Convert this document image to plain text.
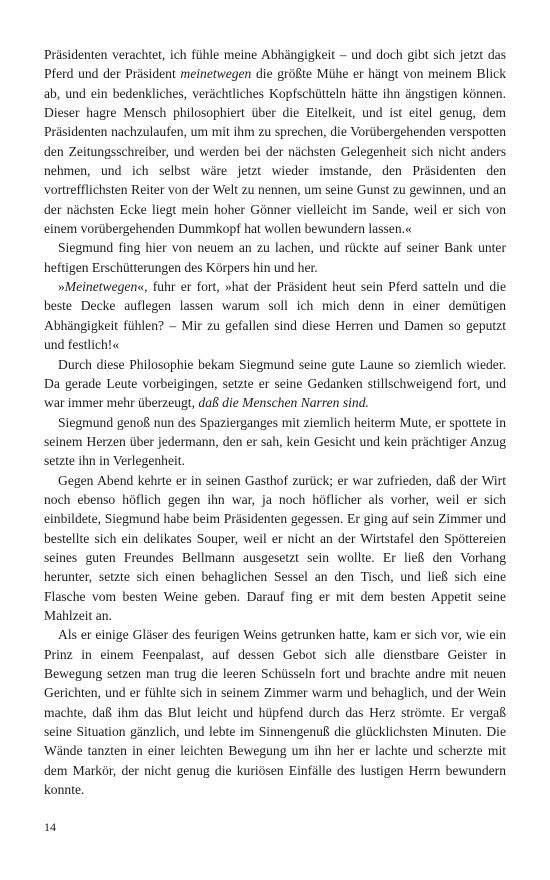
Präsidenten verachtet, ich fühle meine Abhängigkeit – und doch gibt sich jetzt das Pferd und der Präsident meinetwegen die größte Mühe er hängt von meinem Blick ab, und ein bedenkliches, verächtliches Kopfschütteln hätte ihn ängstigen können. Dieser hagre Mensch philosophiert über die Eitelkeit, und ist eitel genug, dem Präsidenten nachzulaufen, um mit ihm zu sprechen, die Vorübergehenden verspotten den Zeitungsschreiber, und werden bei der nächsten Gelegenheit sich nicht anders nehmen, und ich selbst wäre jetzt wieder imstande, den Präsidenten den vortrefflichsten Reiter von der Welt zu nennen, um seine Gunst zu gewinnen, und an der nächsten Ecke liegt mein hoher Gönner vielleicht im Sande, weil er sich von einem vorübergehenden Dummkopf hat wollen bewundern lassen.«

Siegmund fing hier von neuem an zu lachen, und rückte auf seiner Bank unter heftigen Erschütterungen des Körpers hin und her.

»Meinetwegen«, fuhr er fort, »hat der Präsident heut sein Pferd satteln und die beste Decke auflegen lassen warum soll ich mich denn in einer demütigen Abhängigkeit fühlen? – Mir zu gefallen sind diese Herren und Damen so geputzt und festlich!«

Durch diese Philosophie bekam Siegmund seine gute Laune so ziemlich wieder. Da gerade Leute vorbeigingen, setzte er seine Gedanken stillschweigend fort, und war immer mehr überzeugt, daß die Menschen Narren sind.

Siegmund genoß nun des Spazierganges mit ziemlich heiterm Mute, er spottete in seinem Herzen über jedermann, den er sah, kein Gesicht und kein prächtiger Anzug setzte ihn in Verlegenheit.

Gegen Abend kehrte er in seinen Gasthof zurück; er war zufrieden, daß der Wirt noch ebenso höflich gegen ihn war, ja noch höflicher als vorher, weil er sich einbildete, Siegmund habe beim Präsidenten gegessen. Er ging auf sein Zimmer und bestellte sich ein delikates Souper, weil er nicht an der Wirtstafel den Spöttereien seines guten Freundes Bellmann ausgesetzt sein wollte. Er ließ den Vorhang herunter, setzte sich einen behaglichen Sessel an den Tisch, und ließ sich eine Flasche vom besten Weine geben. Darauf fing er mit dem besten Appetit seine Mahlzeit an.

Als er einige Gläser des feurigen Weins getrunken hatte, kam er sich vor, wie ein Prinz in einem Feenpalast, auf dessen Gebot sich alle dienstbare Geister in Bewegung setzen man trug die leeren Schüsseln fort und brachte andre mit neuen Gerichten, und er fühlte sich in seinem Zimmer warm und behaglich, und der Wein machte, daß ihm das Blut leicht und hüpfend durch das Herz strömte. Er vergaß seine Situation gänzlich, und lebte im Sinnengenuß die glücklichsten Minuten. Die Wände tanzten in einer leichten Bewegung um ihn her er lachte und scherzte mit dem Markör, der nicht genug die kuriösen Einfälle des lustigen Herrn bewundern konnte.

14
